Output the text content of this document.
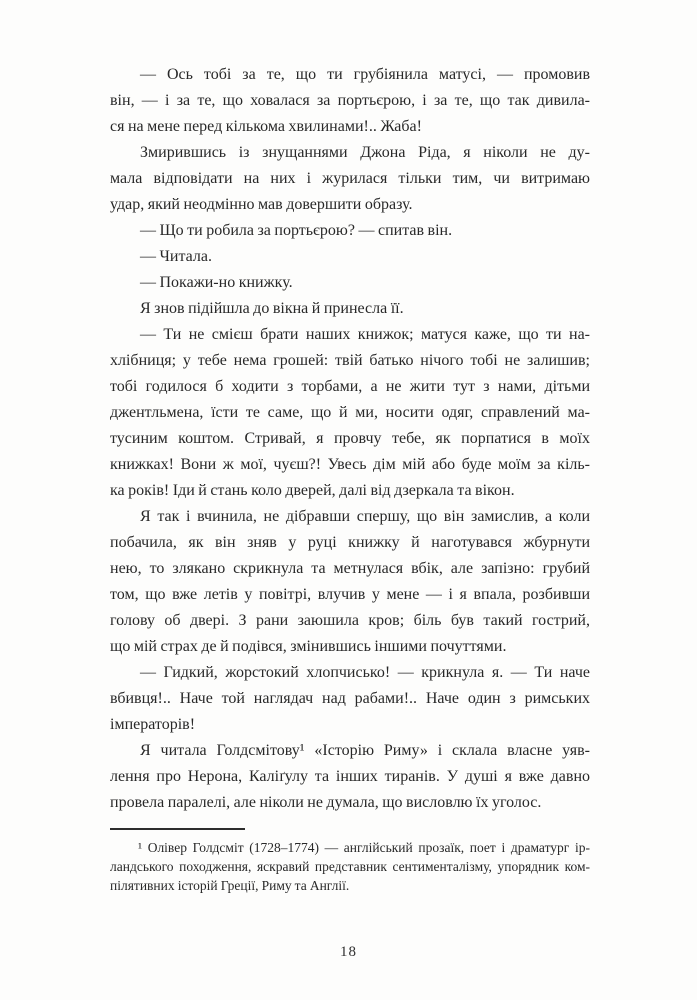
— Ось тобі за те, що ти грубіянила матусі, — промовив
він, — і за те, що ховалася за портьєрою, і за те, що так дивила-
ся на мене перед кількома хвилинами!.. Жаба!
Змирившись із знущаннями Джона Ріда, я ніколи не ду-
мала відповідати на них і журилася тільки тим, чи витримаю
удар, який неодмінно мав довершити образу.
— Що ти робила за портьєрою? — спитав він.
— Читала.
— Покажи-но книжку.
Я знов підійшла до вікна й принесла її.
— Ти не смієш брати наших книжок; матуся каже, що ти на-
хлібниця; у тебе нема грошей: твій батько нічого тобі не залишив;
тобі годилося б ходити з торбами, а не жити тут з нами, дітьми
джентльмена, їсти те саме, що й ми, носити одяг, справлений ма-
тусиним коштом. Стривай, я провчу тебе, як порпатися в моїх
книжках! Вони ж мої, чуєш?! Увесь дім мій або буде моїм за кіль-
ка років! Іди й стань коло дверей, далі від дзеркала та вікон.
Я так і вчинила, не дібравши спершу, що він замислив, а коли
побачила, як він зняв у руці книжку й наготувався жбурнути
нею, то злякано скрикнула та метнулася вбік, але запізно: грубий
том, що вже летів у повітрі, влучив у мене — і я впала, розбивши
голову об двері. З рани заюшила кров; біль був такий гострий,
що мій страх де й подівся, змінившись іншими почуттями.
— Гидкий, жорстокий хлопчисько! — крикнула я. — Ти наче
вбивця!.. Наче той наглядач над рабами!.. Наче один з римських
імператорів!
Я читала Голдсмітову¹ «Історію Риму» і склала власне уяв-
лення про Нерона, Каліґулу та інших тиранів. У душі я вже давно
провела паралелі, але ніколи не думала, що висловлю їх уголос.
¹ Олівер Голдсміт (1728–1774) — англійський прозаїк, поет і драматург ір-
ландського походження, яскравий представник сентименталізму, упорядник ком-
пілятивних історій Греції, Риму та Англії.
18
